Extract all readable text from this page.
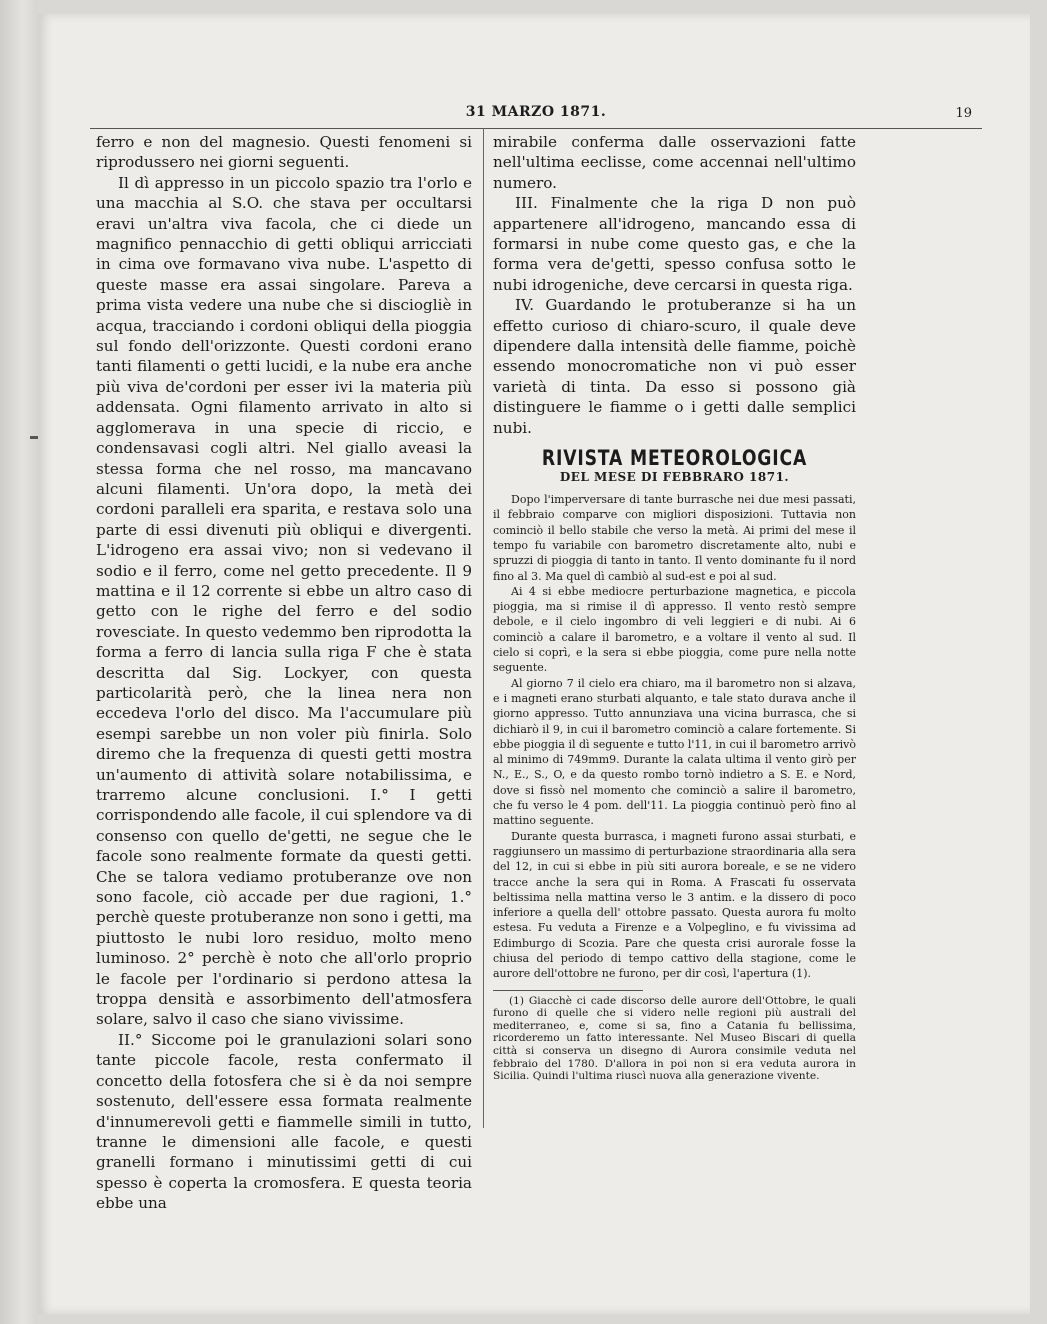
31 MARZO 1871.	19

ferro e non del magnesio. Questi fenomeni si riprodussero nei giorni seguenti.

Il dì appresso in un piccolo spazio tra l'orlo e una macchia al S.O. che stava per occultarsi eravi un'altra viva facola, che ci diede un magnifico pennacchio di getti obliqui arricciati in cima ove formavano viva nube. L'aspetto di queste masse era assai singolare. Pareva a prima vista vedere una nube che si disciogliè in acqua, tracciando i cordoni obliqui della pioggia sul fondo dell'orizzonte. Questi cordoni erano tanti filamenti o getti lucidi, e la nube era anche più viva de'cordoni per esser ivi la materia più addensata. Ogni filamento arrivato in alto si agglomerava in una specie di riccio, e condensavasi cogli altri. Nel giallo aveasi la stessa forma che nel rosso, ma mancavano alcuni filamenti. Un'ora dopo, la metà dei cordoni paralleli era sparita, e restava solo una parte di essi divenuti più obliqui e divergenti. L'idrogeno era assai vivo; non si vedevano il sodio e il ferro, come nel getto precedente. Il 9 mattina e il 12 corrente si ebbe un altro caso di getto con le righe del ferro e del sodio rovesciate. In questo vedemmo ben riprodotta la forma a ferro di lancia sulla riga F che è stata descritta dal Sig. Lockyer, con questa particolarità però, che la linea nera non eccedeva l'orlo del disco. Ma l'accumulare più esempi sarebbe un non voler più finirla. Solo diremo che la frequenza di questi getti mostra un'aumento di attività solare notabilissima, e trarremo alcune conclusioni. I.° I getti corrispondendo alle facole, il cui splendore va di consenso con quello de'getti, ne segue che le facole sono realmente formate da questi getti. Che se talora vediamo protuberanze ove non sono facole, ciò accade per due ragioni, 1.° perchè queste protuberanze non sono i getti, ma piuttosto le nubi loro residuo, molto meno luminoso. 2° perchè è noto che all'orlo proprio le facole per l'ordinario si perdono attesa la troppa densità e assorbimento dell'atmosfera solare, salvo il caso che siano vivissime.

II.° Siccome poi le granulazioni solari sono tante piccole facole, resta confermato il concetto della fotosfera che si è da noi sempre sostenuto, dell'essere essa formata realmente d'innumerevoli getti e fiammelle simili in tutto, tranne le dimensioni alle facole, e questi granelli formano i minutissimi getti di cui spesso è coperta la cromosfera. E questa teoria ebbe una

mirabile conferma dalle osservazioni fatte nell'ultima eeclisse, come accennai nell'ultimo numero.

III. Finalmente che la riga D non può appartenere all'idrogeno, mancando essa di formarsi in nube come questo gas, e che la forma vera de'getti, spesso confusa sotto le nubi idrogeniche, deve cercarsi in questa riga.

IV. Guardando le protuberanze si ha un effetto curioso di chiaro-scuro, il quale deve dipendere dalla intensità delle fiamme, poichè essendo monocromatiche non vi può esser varietà di tinta. Da esso si possono già distinguere le fiamme o i getti dalle semplici nubi.

RIVISTA METEOROLOGICA
DEL MESE DI FEBBRARO 1871.

Dopo l'imperversare di tante burrasche nei due mesi passati, il febbraio comparve con migliori disposizioni. Tuttavia non cominciò il bello stabile che verso la metà. Ai primi del mese il tempo fu variabile con barometro discretamente alto, nubi e spruzzi di pioggia di tanto in tanto. Il vento dominante fu il nord fino al 3. Ma quel dì cambiò al sud-est e poi al sud.

Ai 4 si ebbe mediocre perturbazione magnetica, e piccola pioggia, ma si rimise il dì appresso. Il vento restò sempre debole, e il cielo ingombro di veli leggieri e di nubi. Ai 6 cominciò a calare il barometro, e a voltare il vento al sud. Il cielo si coprì, e la sera si ebbe pioggia, come pure nella notte seguente.

Al giorno 7 il cielo era chiaro, ma il barometro non si alzava, e i magneti erano sturbati alquanto, e tale stato durava anche il giorno appresso. Tutto annunziava una vicina burrasca, che si dichiarò il 9, in cui il barometro cominciò a calare fortemente. Si ebbe pioggia il dì seguente e tutto l'11, in cui il barometro arrivò al minimo di 749mm9. Durante la calata ultima il vento girò per N., E., S., O, e da questo rombo tornò indietro a S. E. e Nord, dove si fissò nel momento che cominciò a salire il barometro, che fu verso le 4 pom. dell'11. La pioggia continuò però fino al mattino seguente.

Durante questa burrasca, i magneti furono assai sturbati, e raggiunsero un massimo di perturbazione straordinaria alla sera del 12, in cui si ebbe in più siti aurora boreale, e se ne videro tracce anche la sera qui in Roma. A Frascati fu osservata beltissima nella mattina verso le 3 antim. e la dissero di poco inferiore a quella dell' ottobre passato. Questa aurora fu molto estesa. Fu veduta a Firenze e a Volpeglino, e fu vivissima ad Edimburgo di Scozia. Pare che questa crisi aurorale fosse la chiusa del periodo di tempo cattivo della stagione, come le aurore dell'ottobre ne furono, per dir così, l'apertura (1).

(1) Giacchè ci cade discorso delle aurore dell'Ottobre, le quali furono di quelle che si videro nelle regioni più australi del mediterraneo, e, come si sa, fino a Catania fu bellissima, ricorderemo un fatto interessante. Nel Museo Biscari di quella città si conserva un disegno di Aurora consimile veduta nel febbraio del 1780. D'allora in poi non si era veduta aurora in Sicilia. Quindi l'ultima riuscì nuova alla generazione vivente.
